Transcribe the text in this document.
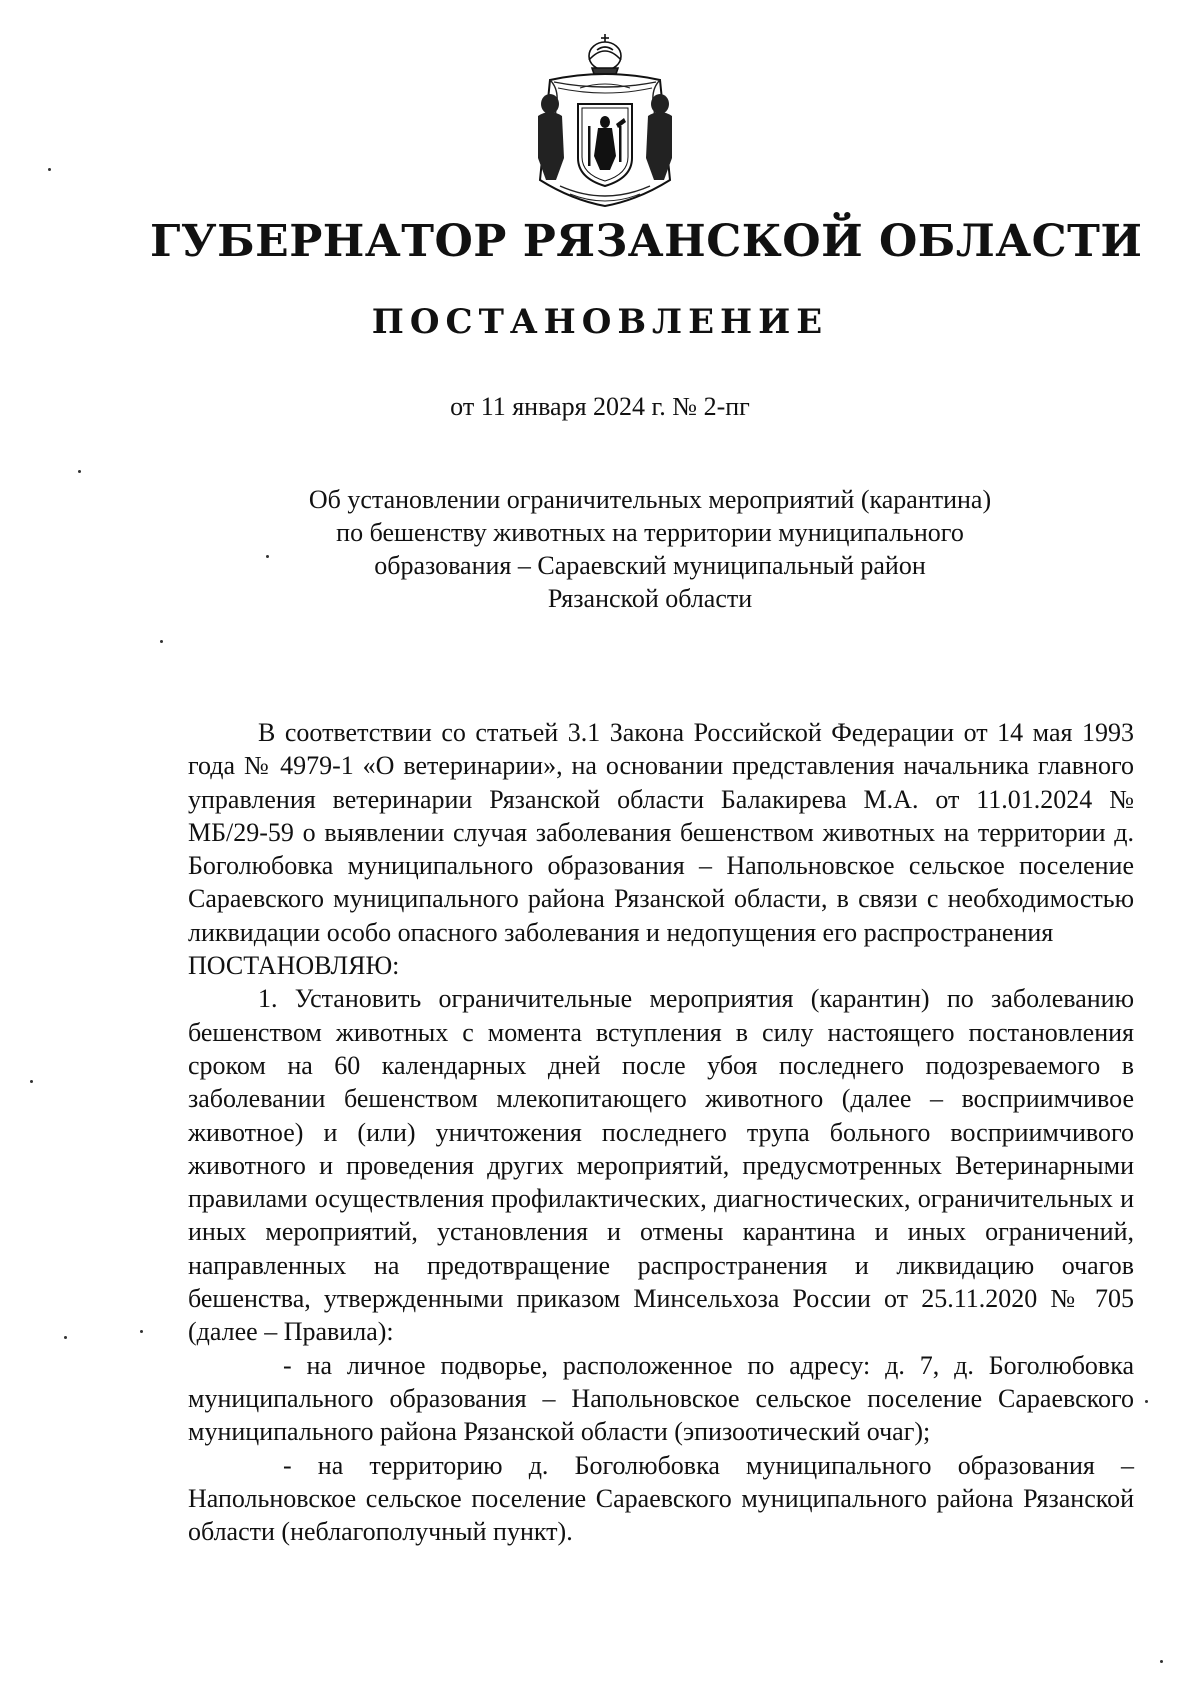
ГУБЕРНАТОР РЯЗАНСКОЙ ОБЛАСТИ
ПОСТАНОВЛЕНИЕ
от 11 января 2024 г. № 2-пг
Об установлении ограничительных мероприятий (карантина)
по бешенству животных на территории муниципального
образования – Сараевский муниципальный район
Рязанской области

В соответствии со статьей 3.1 Закона Российской Федерации от 14 мая 1993 года № 4979-1 «О ветеринарии», на основании представления начальника главного управления ветеринарии Рязанской области Балакирева М.А. от 11.01.2024 № МБ/29-59 о выявлении случая заболевания бешенством животных на территории д. Боголюбовка муниципального образования – Напольновское сельское поселение Сараевского муниципального района Рязанской области, в связи с необходимостью ликвидации особо опасного заболевания и недопущения его распространения

ПОСТАНОВЛЯЮ:

1. Установить ограничительные мероприятия (карантин) по заболеванию бешенством животных с момента вступления в силу настоящего постановления сроком на 60 календарных дней после убоя последнего подозреваемого в заболевании бешенством млекопитающего животного (далее – восприимчивое животное) и (или) уничтожения последнего трупа больного восприимчивого животного и проведения других мероприятий, предусмотренных Ветеринарными правилами осуществления профилактических, диагностических, ограничительных и иных мероприятий, установления и отмены карантина и иных ограничений, направленных на предотвращение распространения и ликвидацию очагов бешенства, утвержденными приказом Минсельхоза России от 25.11.2020 № 705 (далее – Правила):

- на личное подворье, расположенное по адресу: д. 7, д. Боголюбовка муниципального образования – Напольновское сельское поселение Сараевского муниципального района Рязанской области (эпизоотический очаг);

- на территорию д. Боголюбовка муниципального образования – Напольновское сельское поселение Сараевского муниципального района Рязанской области (неблагополучный пункт).
